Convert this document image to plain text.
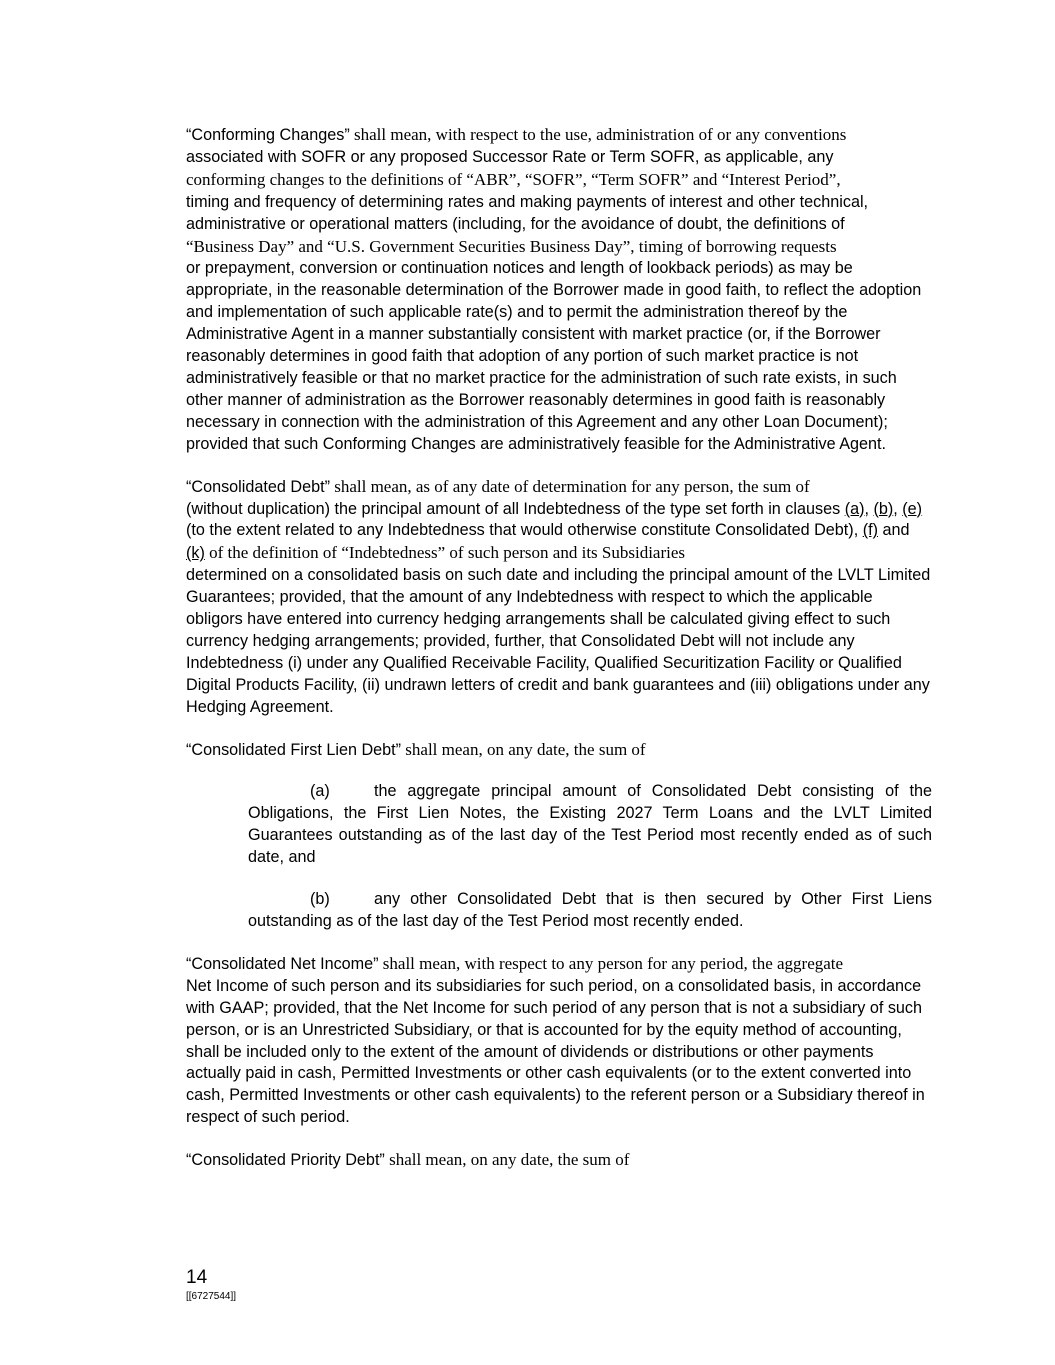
“Conforming Changes” shall mean, with respect to the use, administration of or any conventions
associated with SOFR or any proposed Successor Rate or Term SOFR, as applicable, any
conforming changes to the definitions of “ABR”, “SOFR”, “Term SOFR” and “Interest Period”,
timing and frequency of determining rates and making payments of interest and other technical, administrative or operational matters (including, for the avoidance of doubt, the definitions of
“Business Day” and “U.S. Government Securities Business Day”, timing of borrowing requests
or prepayment, conversion or continuation notices and length of lookback periods) as may be appropriate, in the reasonable determination of the Borrower made in good faith, to reflect the adoption and implementation of such applicable rate(s) and to permit the administration thereof by the Administrative Agent in a manner substantially consistent with market practice (or, if the Borrower reasonably determines in good faith that adoption of any portion of such market practice is not administratively feasible or that no market practice for the administration of such rate exists, in such other manner of administration as the Borrower reasonably determines in good faith is reasonably necessary in connection with the administration of this Agreement and any other Loan Document); provided that such Conforming Changes are administratively feasible for the Administrative Agent.

“Consolidated Debt” shall mean, as of any date of determination for any person, the sum of
(without duplication) the principal amount of all Indebtedness of the type set forth in clauses (a), (b), (e) (to the extent related to any Indebtedness that would otherwise constitute Consolidated Debt), (f) and (k) of the definition of “Indebtedness” of such person and its Subsidiaries
determined on a consolidated basis on such date and including the principal amount of the LVLT Limited Guarantees; provided, that the amount of any Indebtedness with respect to which the applicable obligors have entered into currency hedging arrangements shall be calculated giving effect to such currency hedging arrangements; provided, further, that Consolidated Debt will not include any Indebtedness (i) under any Qualified Receivable Facility, Qualified Securitization Facility or Qualified Digital Products Facility, (ii) undrawn letters of credit and bank guarantees and (iii) obligations under any Hedging Agreement.

“Consolidated First Lien Debt” shall mean, on any date, the sum of

(a)	the aggregate principal amount of Consolidated Debt consisting of the Obligations, the First Lien Notes, the Existing 2027 Term Loans and the LVLT Limited Guarantees outstanding as of the last day of the Test Period most recently ended as of such date, and

(b)	any other Consolidated Debt that is then secured by Other First Liens outstanding as of the last day of the Test Period most recently ended.

“Consolidated Net Income” shall mean, with respect to any person for any period, the aggregate
Net Income of such person and its subsidiaries for such period, on a consolidated basis, in accordance with GAAP; provided, that the Net Income for such period of any person that is not a subsidiary of such person, or is an Unrestricted Subsidiary, or that is accounted for by the equity method of accounting, shall be included only to the extent of the amount of dividends or distributions or other payments actually paid in cash, Permitted Investments or other cash equivalents (or to the extent converted into cash, Permitted Investments or other cash equivalents) to the referent person or a Subsidiary thereof in respect of such period.

“Consolidated Priority Debt” shall mean, on any date, the sum of

14
[[6727544]]
